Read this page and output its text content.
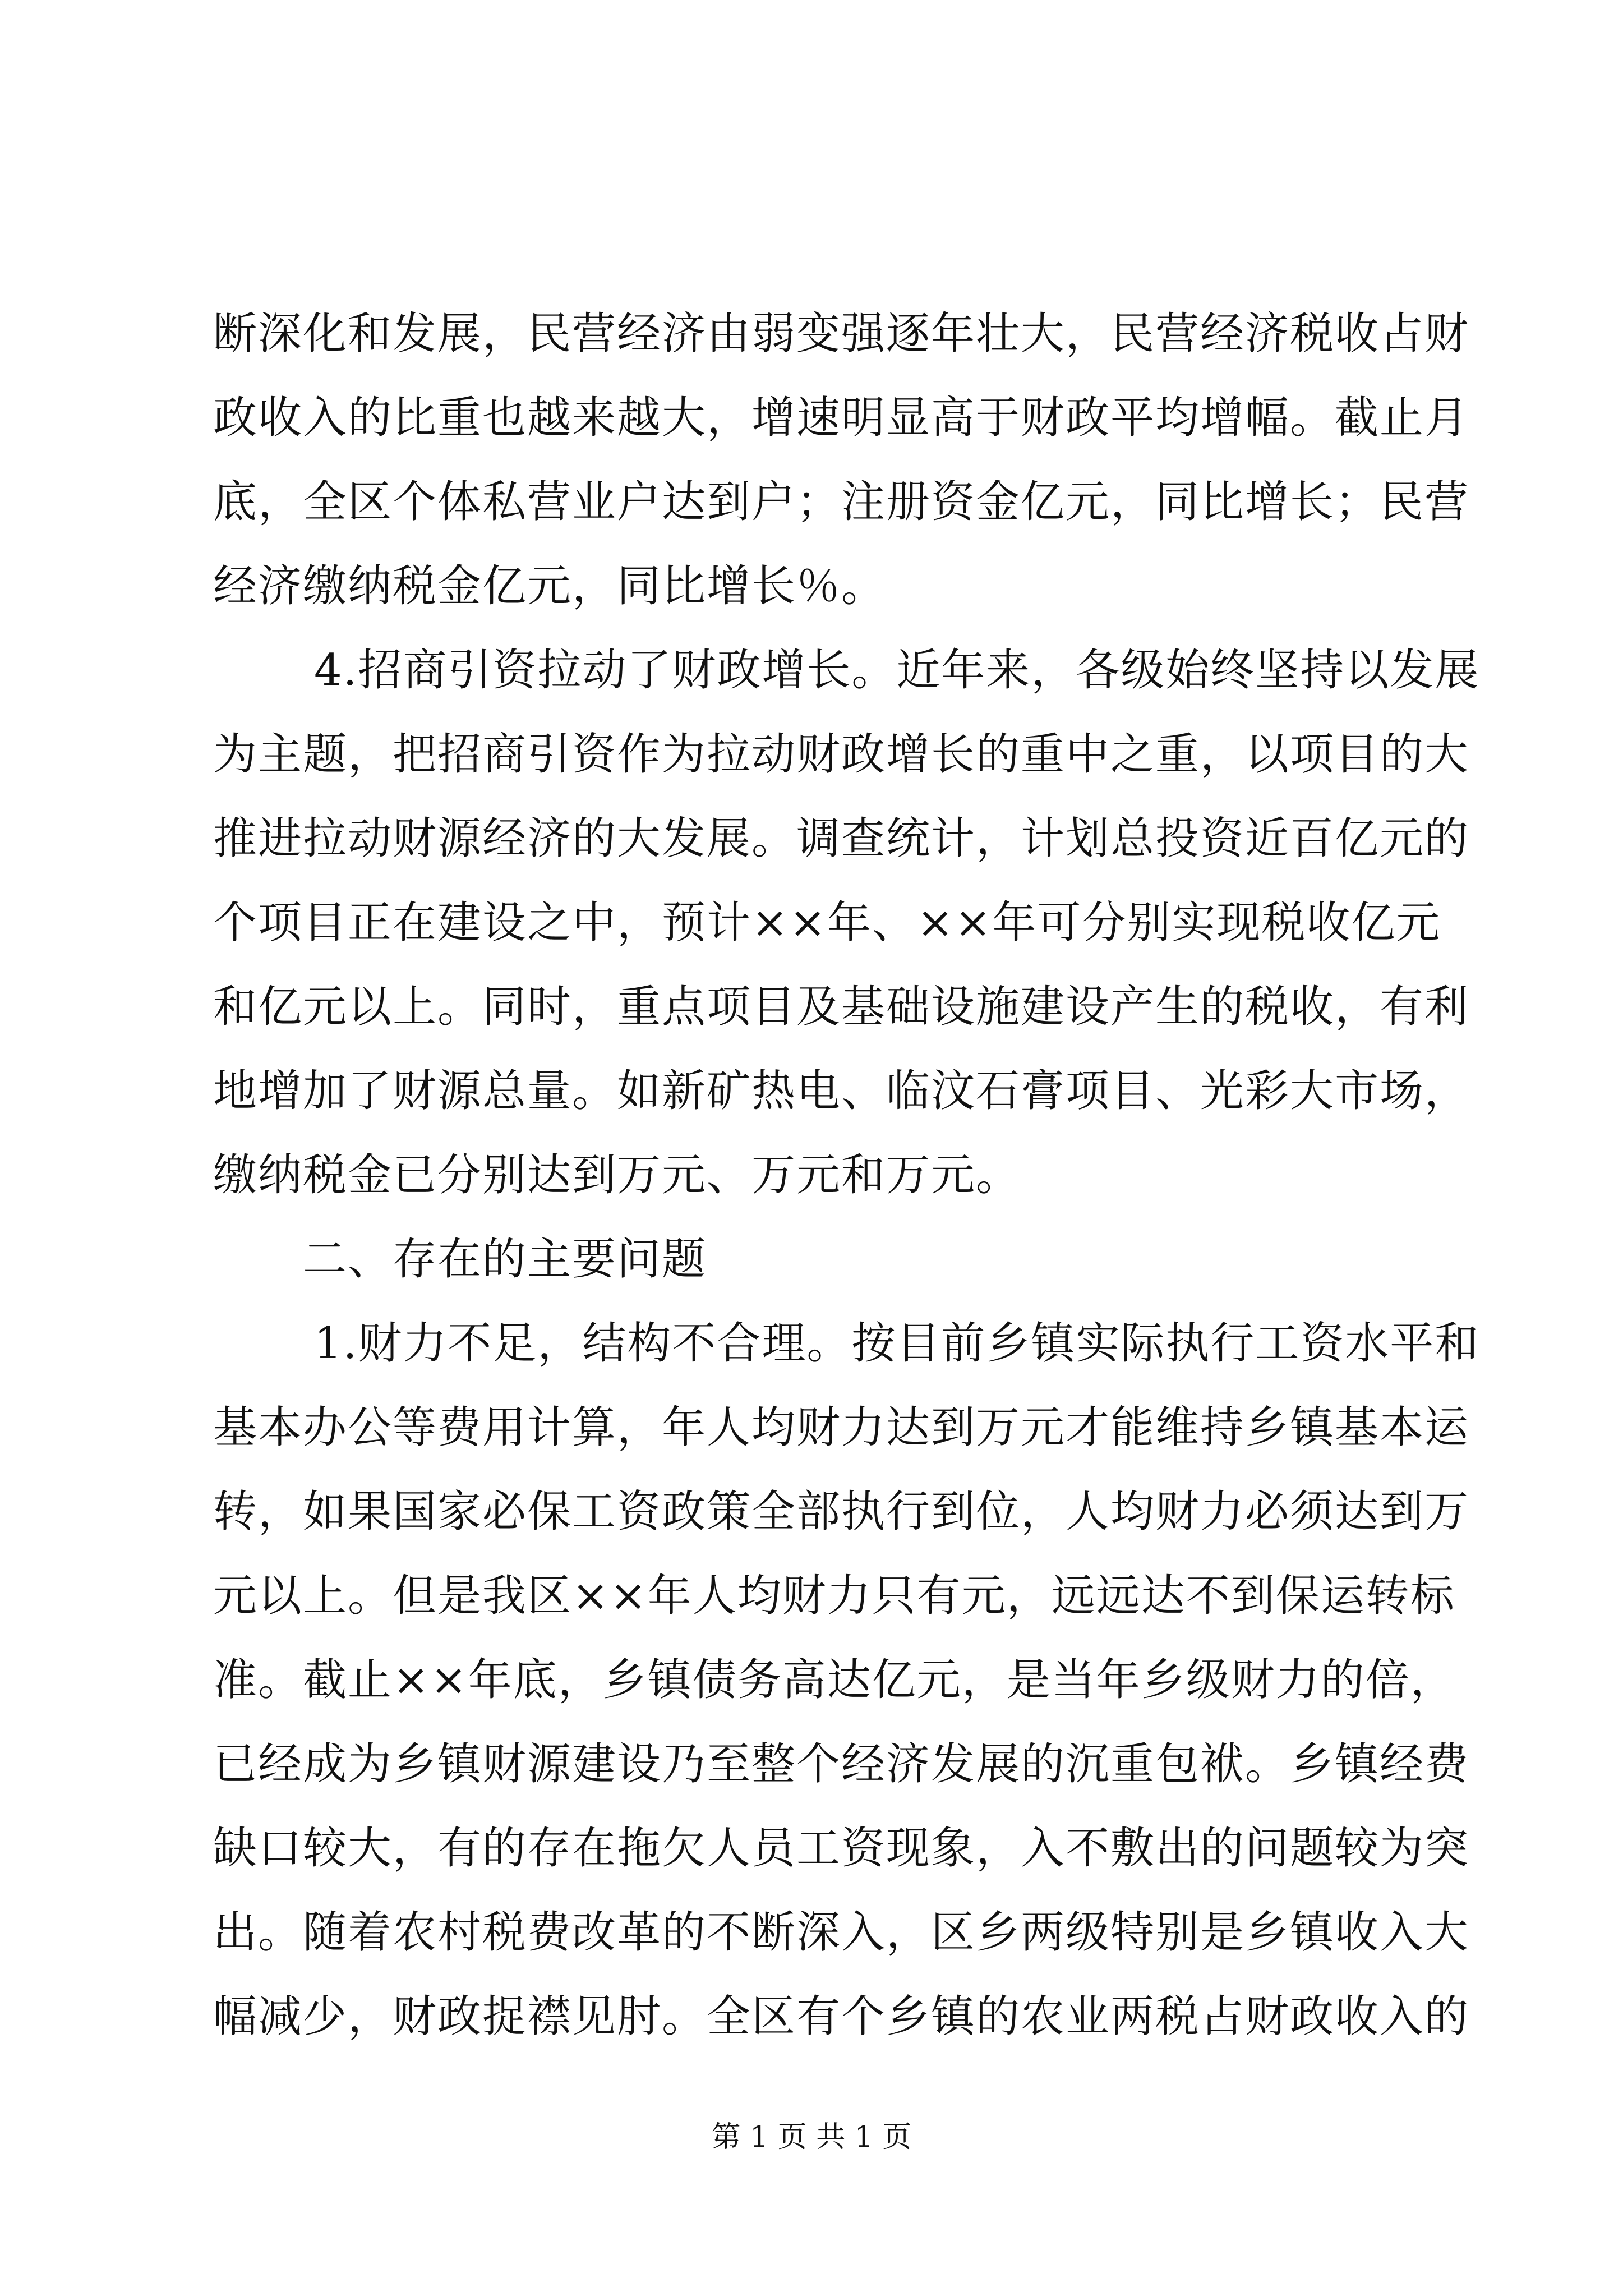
断深化和发展，民营经济由弱变强逐年壮大，民营经济税收占财
政收入的比重也越来越大，增速明显高于财政平均增幅。截止月
底，全区个体私营业户达到户；注册资金亿元，同比增长；民营
经济缴纳税金亿元，同比增长％。
4.招商引资拉动了财政增长。近年来，各级始终坚持以发展
为主题，把招商引资作为拉动财政增长的重中之重，以项目的大
推进拉动财源经济的大发展。调查统计，计划总投资近百亿元的
个项目正在建设之中，预计××年、××年可分别实现税收亿元
和亿元以上。同时，重点项目及基础设施建设产生的税收，有利
地增加了财源总量。如新矿热电、临汶石膏项目、光彩大市场，
缴纳税金已分别达到万元、万元和万元。
二、存在的主要问题
1.财力不足，结构不合理。按目前乡镇实际执行工资水平和
基本办公等费用计算，年人均财力达到万元才能维持乡镇基本运
转，如果国家必保工资政策全部执行到位，人均财力必须达到万
元以上。但是我区××年人均财力只有元，远远达不到保运转标
准。截止××年底，乡镇债务高达亿元，是当年乡级财力的倍，
已经成为乡镇财源建设乃至整个经济发展的沉重包袱。乡镇经费
缺口较大，有的存在拖欠人员工资现象，入不敷出的问题较为突
出。随着农村税费改革的不断深入，区乡两级特别是乡镇收入大
幅减少，财政捉襟见肘。全区有个乡镇的农业两税占财政收入的
第 1 页 共 1 页
